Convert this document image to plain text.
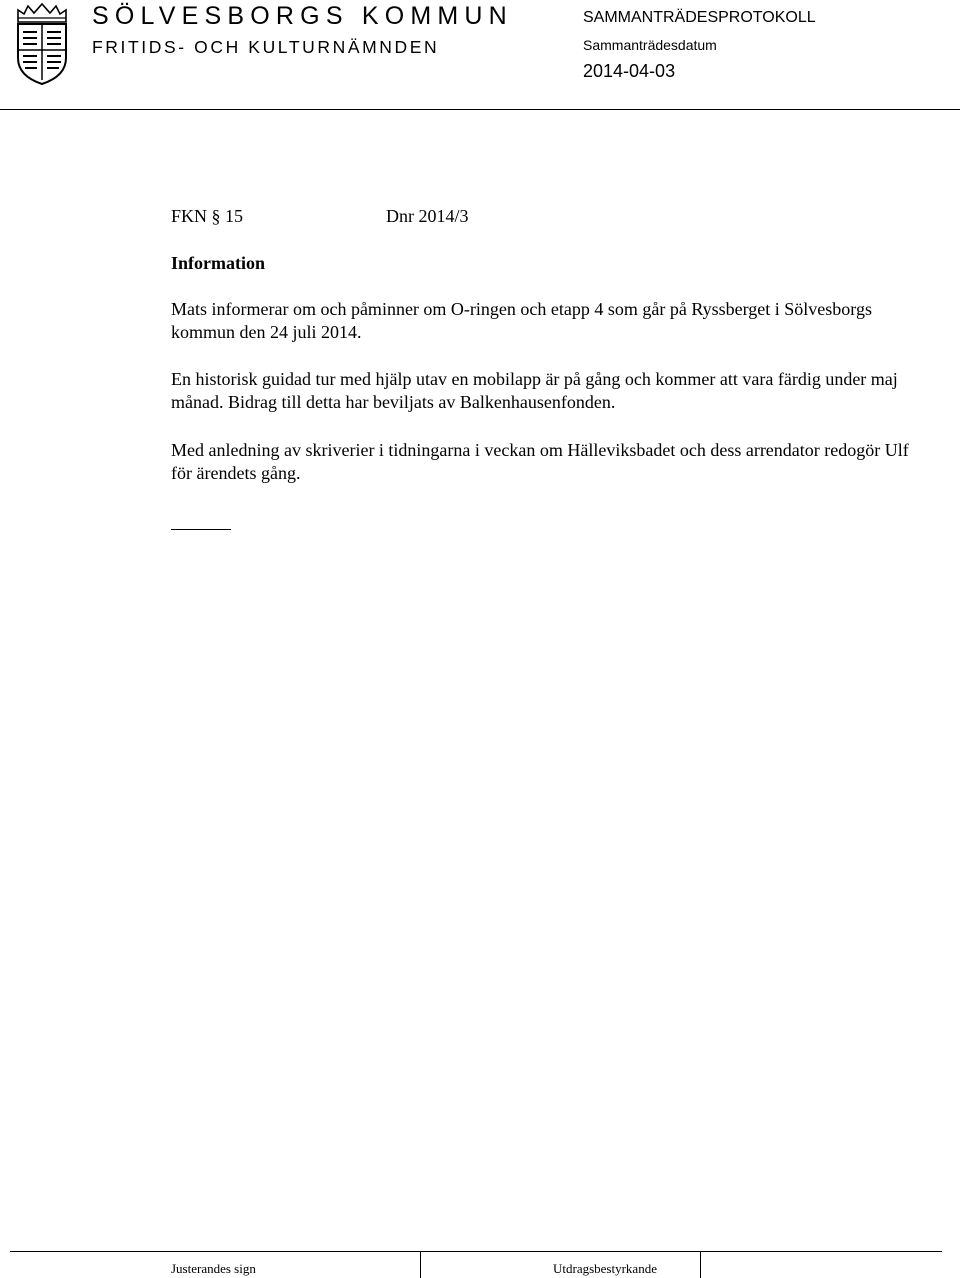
SÖLVESBORGS KOMMUN
FRITIDS- OCH KULTURNÄMNDEN
SAMMANTRÄDESPROTOKOLL
Sammanträdesdatum
2014-04-03
FKN § 15	Dnr 2014/3
Information

Mats informerar om och påminner om O-ringen och etapp 4 som går på Ryssberget i Sölvesborgs kommun den 24 juli 2014.

En historisk guidad tur med hjälp utav en mobilapp är på gång och kommer att vara färdig under maj månad. Bidrag till detta har beviljats av Balkenhausenfonden.

Med anledning av skriverier i tidningarna i veckan om Hälleviksbadet och dess arrendator redogör Ulf för ärendets gång.

Justerandes sign	Utdragsbestyrkande
